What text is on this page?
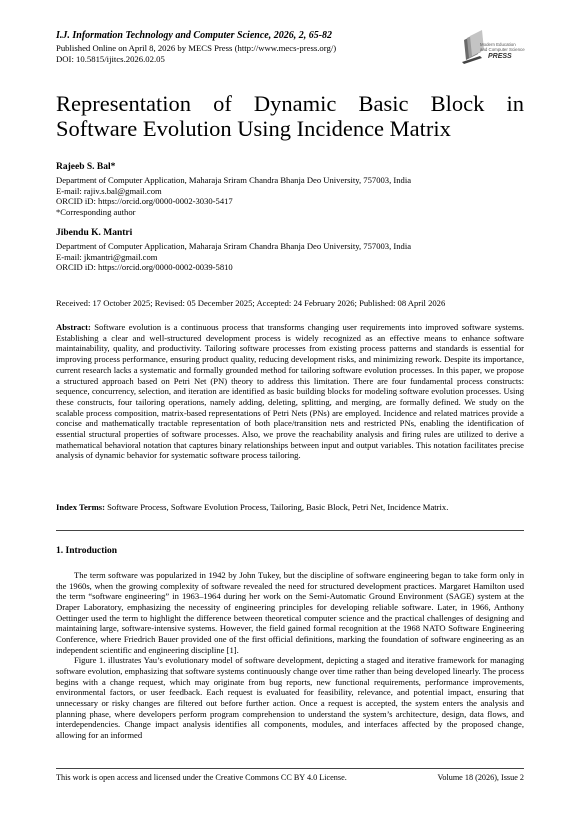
I.J. Information Technology and Computer Science, 2026, 2, 65-82
Published Online on April 8, 2026 by MECS Press (http://www.mecs-press.org/)
DOI: 10.5815/ijitcs.2026.02.05
Modern Education
and Computer Science
PRESS
Representation of Dynamic Basic Block in
Software Evolution Using Incidence Matrix
Rajeeb S. Bal*
Department of Computer Application, Maharaja Sriram Chandra Bhanja Deo University, 757003, India
E-mail: rajiv.s.bal@gmail.com
ORCID iD: https://orcid.org/0000-0002-3030-5417
*Corresponding author
Jibendu K. Mantri
Department of Computer Application, Maharaja Sriram Chandra Bhanja Deo University, 757003, India
E-mail: jkmantri@gmail.com
ORCID iD: https://orcid.org/0000-0002-0039-5810
Received: 17 October 2025; Revised: 05 December 2025; Accepted: 24 February 2026; Published: 08 April 2026
Abstract: Software evolution is a continuous process that transforms changing user requirements into improved software systems. Establishing a clear and well-structured development process is widely recognized as an effective means to enhance software maintainability, quality, and productivity. Tailoring software processes from existing process patterns and standards is essential for improving process performance, ensuring product quality, reducing development risks, and minimizing rework. Despite its importance, current research lacks a systematic and formally grounded method for tailoring software evolution processes. In this paper, we propose a structured approach based on Petri Net (PN) theory to address this limitation. There are four fundamental process constructs: sequence, concurrency, selection, and iteration are identified as basic building blocks for modeling software evolution processes. Using these constructs, four tailoring operations, namely adding, deleting, splitting, and merging, are formally defined. We study on the scalable process composition, matrix-based representations of Petri Nets (PNs) are employed. Incidence and related matrices provide a concise and mathematically tractable representation of both place/transition nets and restricted PNs, enabling the identification of essential structural properties of software processes. Also, we prove the reachability analysis and firing rules are utilized to derive a mathematical behavioral notation that captures binary relationships between input and output variables. This notation facilitates precise analysis of dynamic behavior for systematic software process tailoring.
Index Terms: Software Process, Software Evolution Process, Tailoring, Basic Block, Petri Net, Incidence Matrix.
1. Introduction

The term software was popularized in 1942 by John Tukey, but the discipline of software engineering began to take form only in the 1960s, when the growing complexity of software revealed the need for structured development practices. Margaret Hamilton used the term “software engineering” in 1963–1964 during her work on the Semi-Automatic Ground Environment (SAGE) system at the Draper Laboratory, emphasizing the necessity of engineering principles for developing reliable software. Later, in 1966, Anthony Oettinger used the term to highlight the difference between theoretical computer science and the practical challenges of designing and maintaining large, software-intensive systems. However, the field gained formal recognition at the 1968 NATO Software Engineering Conference, where Friedrich Bauer provided one of the first official definitions, marking the foundation of software engineering as an independent scientific and engineering discipline [1].

Figure 1. illustrates Yau’s evolutionary model of software development, depicting a staged and iterative framework for managing software evolution, emphasizing that software systems continuously change over time rather than being developed linearly. The process begins with a change request, which may originate from bug reports, new functional requirements, performance improvements, environmental factors, or user feedback. Each request is evaluated for feasibility, relevance, and potential impact, ensuring that unnecessary or risky changes are filtered out before further action. Once a request is accepted, the system enters the analysis and planning phase, where developers perform program comprehension to understand the system’s architecture, design, data flows, and interdependencies. Change impact analysis identifies all components, modules, and interfaces affected by the proposed change, allowing for an informed

This work is open access and licensed under the Creative Commons CC BY 4.0 License.	Volume 18 (2026), Issue 2
